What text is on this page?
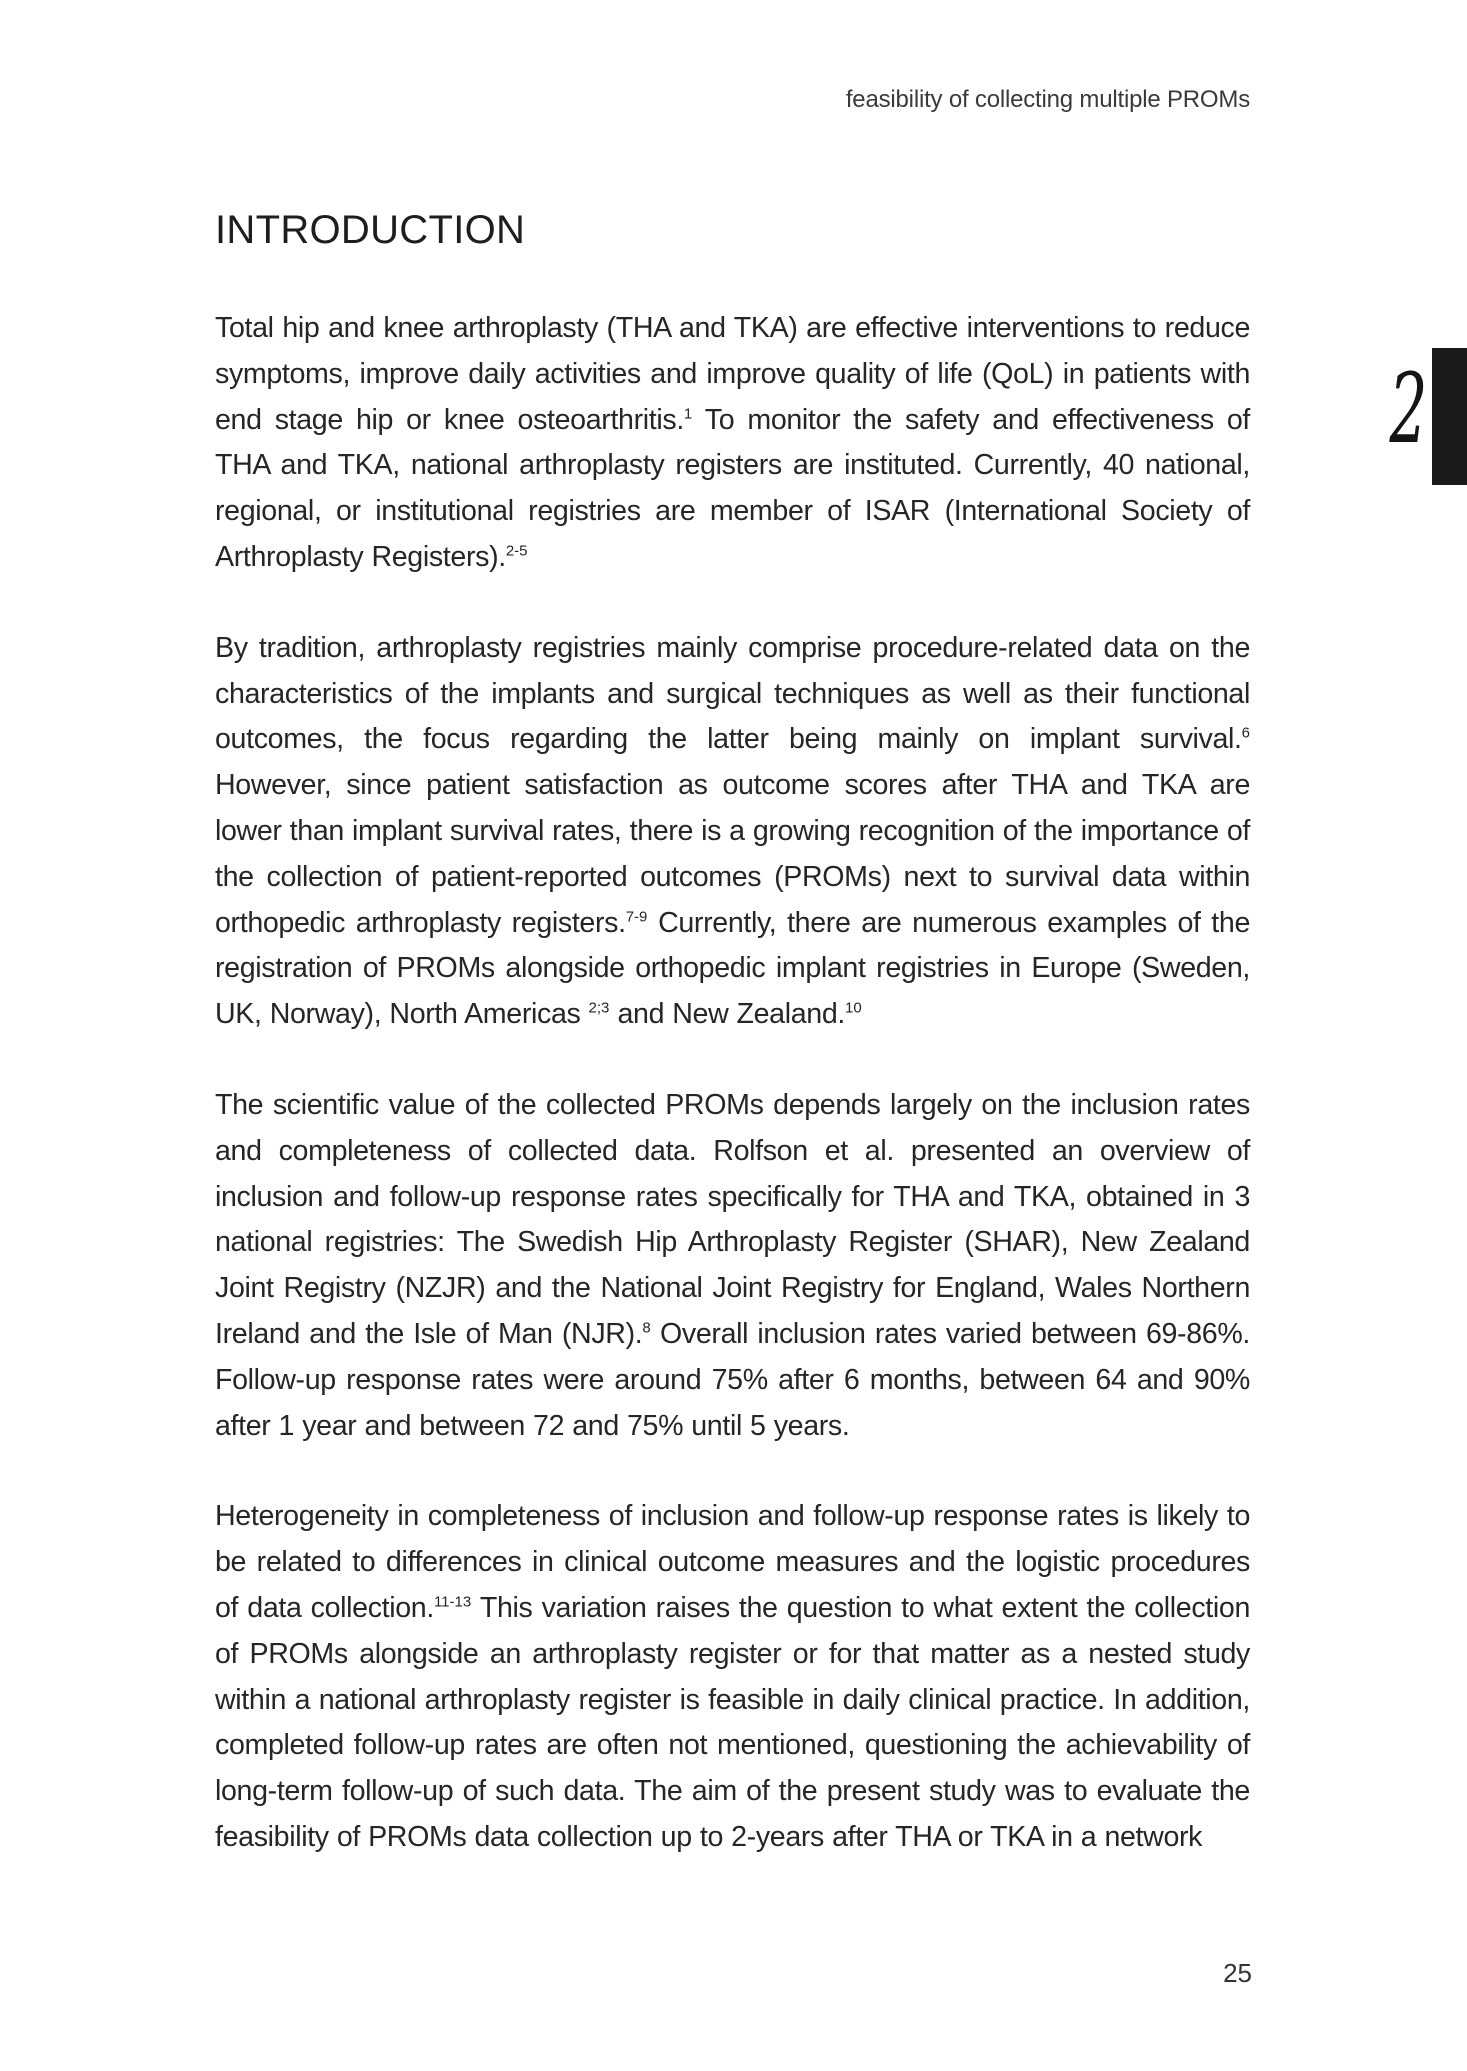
feasibility of collecting multiple PROMs
2
INTRODUCTION

Total hip and knee arthroplasty (THA and TKA) are effective interventions to reduce symptoms, improve daily activities and improve quality of life (QoL) in patients with end stage hip or knee osteoarthritis.$^1$ To monitor the safety and effectiveness of THA and TKA, national arthroplasty registers are instituted. Currently, 40 national, regional, or institutional registries are member of ISAR (International Society of Arthroplasty Registers).$^{2-5}$

By tradition, arthroplasty registries mainly comprise procedure-related data on the characteristics of the implants and surgical techniques as well as their functional outcomes, the focus regarding the latter being mainly on implant survival.$^6$ However, since patient satisfaction as outcome scores after THA and TKA are lower than implant survival rates, there is a growing recognition of the importance of the collection of patient-reported outcomes (PROMs) next to survival data within orthopedic arthroplasty registers.$^{7-9}$ Currently, there are numerous examples of the registration of PROMs alongside orthopedic implant registries in Europe (Sweden, UK, Norway), North Americas $^{2;3}$ and New Zealand.$^{10}$

The scientific value of the collected PROMs depends largely on the inclusion rates and completeness of collected data. Rolfson et al. presented an overview of inclusion and follow-up response rates specifically for THA and TKA, obtained in 3 national registries: The Swedish Hip Arthroplasty Register (SHAR), New Zealand Joint Registry (NZJR) and the National Joint Registry for England, Wales Northern Ireland and the Isle of Man (NJR).$^8$ Overall inclusion rates varied between 69-86%. Follow-up response rates were around 75% after 6 months, between 64 and 90% after 1 year and between 72 and 75% until 5 years.

Heterogeneity in completeness of inclusion and follow-up response rates is likely to be related to differences in clinical outcome measures and the logistic procedures of data collection.$^{11-13}$ This variation raises the question to what extent the collection of PROMs alongside an arthroplasty register or for that matter as a nested study within a national arthroplasty register is feasible in daily clinical practice. In addition, completed follow-up rates are often not mentioned, questioning the achievability of long-term follow-up of such data. The aim of the present study was to evaluate the feasibility of PROMs data collection up to 2-years after THA or TKA in a network

25
